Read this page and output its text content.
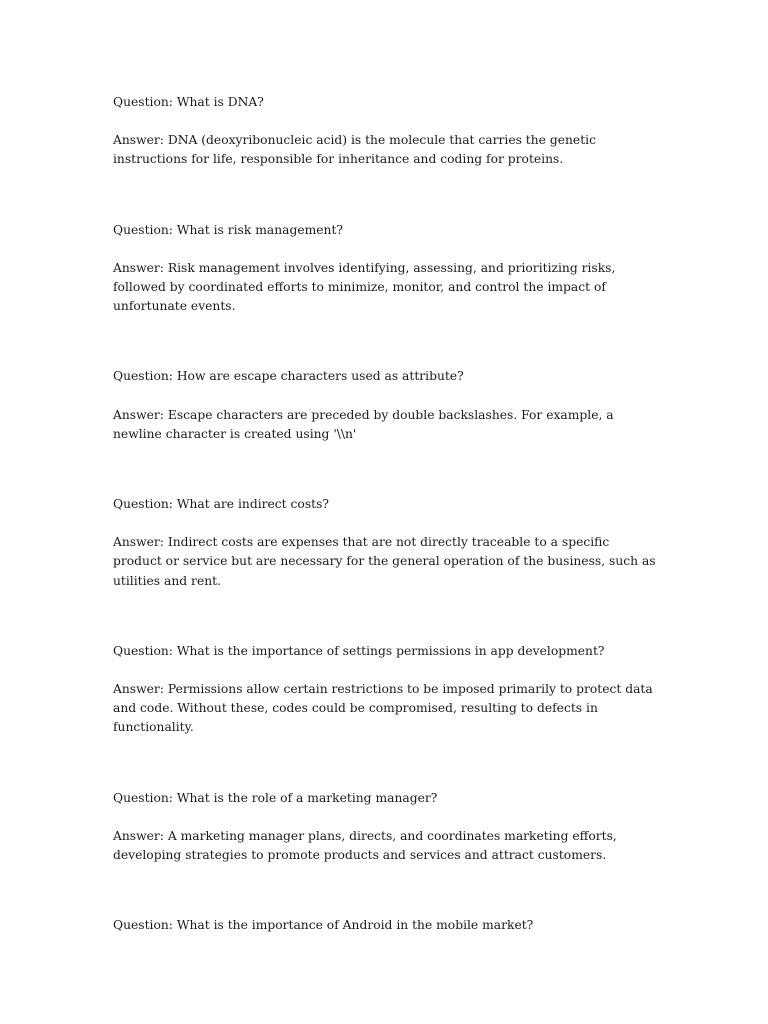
Question: What is DNA?

Answer: DNA (deoxyribonucleic acid) is the molecule that carries the genetic instructions for life, responsible for inheritance and coding for proteins.

Question: What is risk management?

Answer: Risk management involves identifying, assessing, and prioritizing risks, followed by coordinated efforts to minimize, monitor, and control the impact of unfortunate events.

Question: How are escape characters used as attribute?

Answer: Escape characters are preceded by double backslashes. For example, a newline character is created using '\\n'

Question: What are indirect costs?

Answer: Indirect costs are expenses that are not directly traceable to a specific product or service but are necessary for the general operation of the business, such as utilities and rent.

Question: What is the importance of settings permissions in app development?

Answer: Permissions allow certain restrictions to be imposed primarily to protect data and code. Without these, codes could be compromised, resulting to defects in functionality.

Question: What is the role of a marketing manager?

Answer: A marketing manager plans, directs, and coordinates marketing efforts, developing strategies to promote products and services and attract customers.

Question: What is the importance of Android in the mobile market?
